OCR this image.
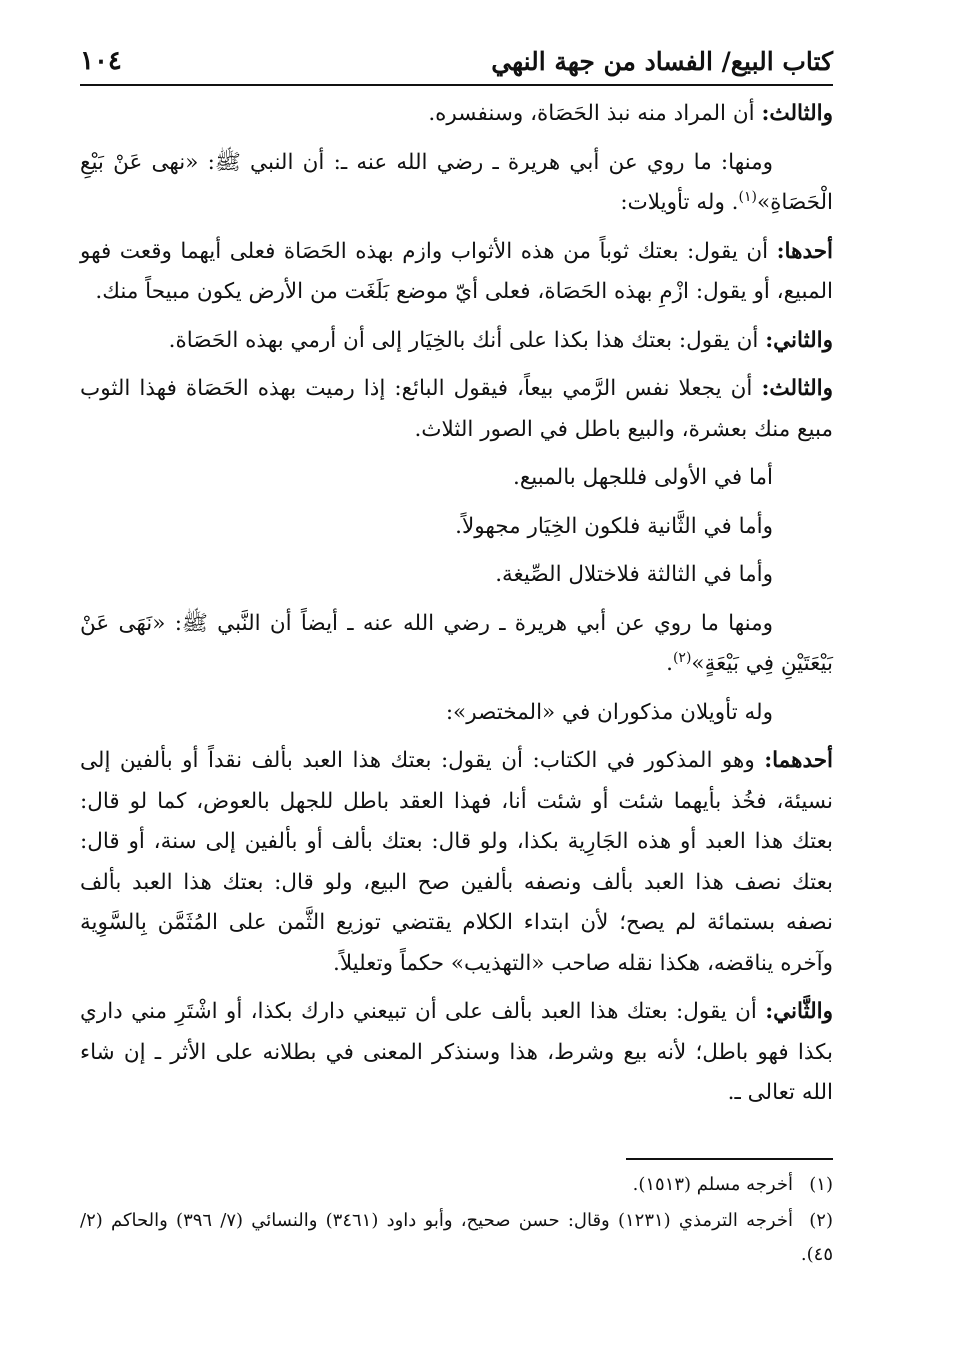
كتاب البيع/ الفساد من جهة النهي
١٠٤

والثالث: أن المراد منه نبذ الحَصَاة، وسنفسره.

ومنها: ما روي عن أبي هريرة ـ رضي الله عنه ـ: أن النبي ﷺ: «نهى عَنْ بَيْعِ الْحَصَاةِ»$^{(١)}$. وله تأويلات:

أحدها: أن يقول: بعتك ثوباً من هذه الأثواب وازم بهذه الحَصَاة فعلى أيهما وقعت فهو المبيع، أو يقول: ازْمِ بهذه الحَصَاة، فعلى أيّ موضع بَلَغَت من الأرض يكون مبيحاً منك.

والثاني: أن يقول: بعتك هذا بكذا على أنك بالخِيَار إلى أن أرمي بهذه الحَصَاة.

والثالث: أن يجعلا نفس الرَّمي بيعاً، فيقول البائع: إذا رميت بهذه الحَصَاة فهذا الثوب مبيع منك بعشرة، والبيع باطل في الصور الثلاث.

أما في الأولى فللجهل بالمبيع.

وأما في الثَّانية فلكون الخِيَار مجهولاً.

وأما في الثالثة فلاختلال الصِّيغة.

ومنها ما روي عن أبي هريرة ـ رضي الله عنه ـ أيضاً أن النَّبي ﷺ: «نَهَى عَنْ بَيْعَتَيْنِ فِي بَيْعَةٍ»$^{(٢)}$.

وله تأويلان مذكوران في «المختصر»:

أحدهما: وهو المذكور في الكتاب: أن يقول: بعتك هذا العبد بألف نقداً أو بألفين إلى نسيئة، فخُذ بأيهما شئت أو شئت أنا، فهذا العقد باطل للجهل بالعوض، كما لو قال: بعتك هذا العبد أو هذه الجَارِية بكذا، ولو قال: بعتك بألف أو بألفين إلى سنة، أو قال: بعتك نصف هذا العبد بألف ونصفه بألفين صح البيع، ولو قال: بعتك هذا العبد بألف نصفه بستمائة لم يصح؛ لأن ابتداء الكلام يقتضي توزيع الثَّمن على المُثَمَّن بِالسَّوِية وآخره يناقضه، هكذا نقله صاحب «التهذيب» حكماً وتعليلاً.

والثَّاني: أن يقول: بعتك هذا العبد بألف على أن تبيعني دارك بكذا، أو اشْتَرِ مني داري بكذا فهو باطل؛ لأنه بيع وشرط، هذا وسنذكر المعنى في بطلانه على الأثر ـ إن شاء الله تعالى ـ.

(١)أخرجه مسلم (١٥١٣).

(٢)أخرجه الترمذي (١٢٣١) وقال: حسن صحيح، وأبو داود (٣٤٦١) والنسائي (٧/ ٣٩٦) والحاكم (٢/ ٤٥).
